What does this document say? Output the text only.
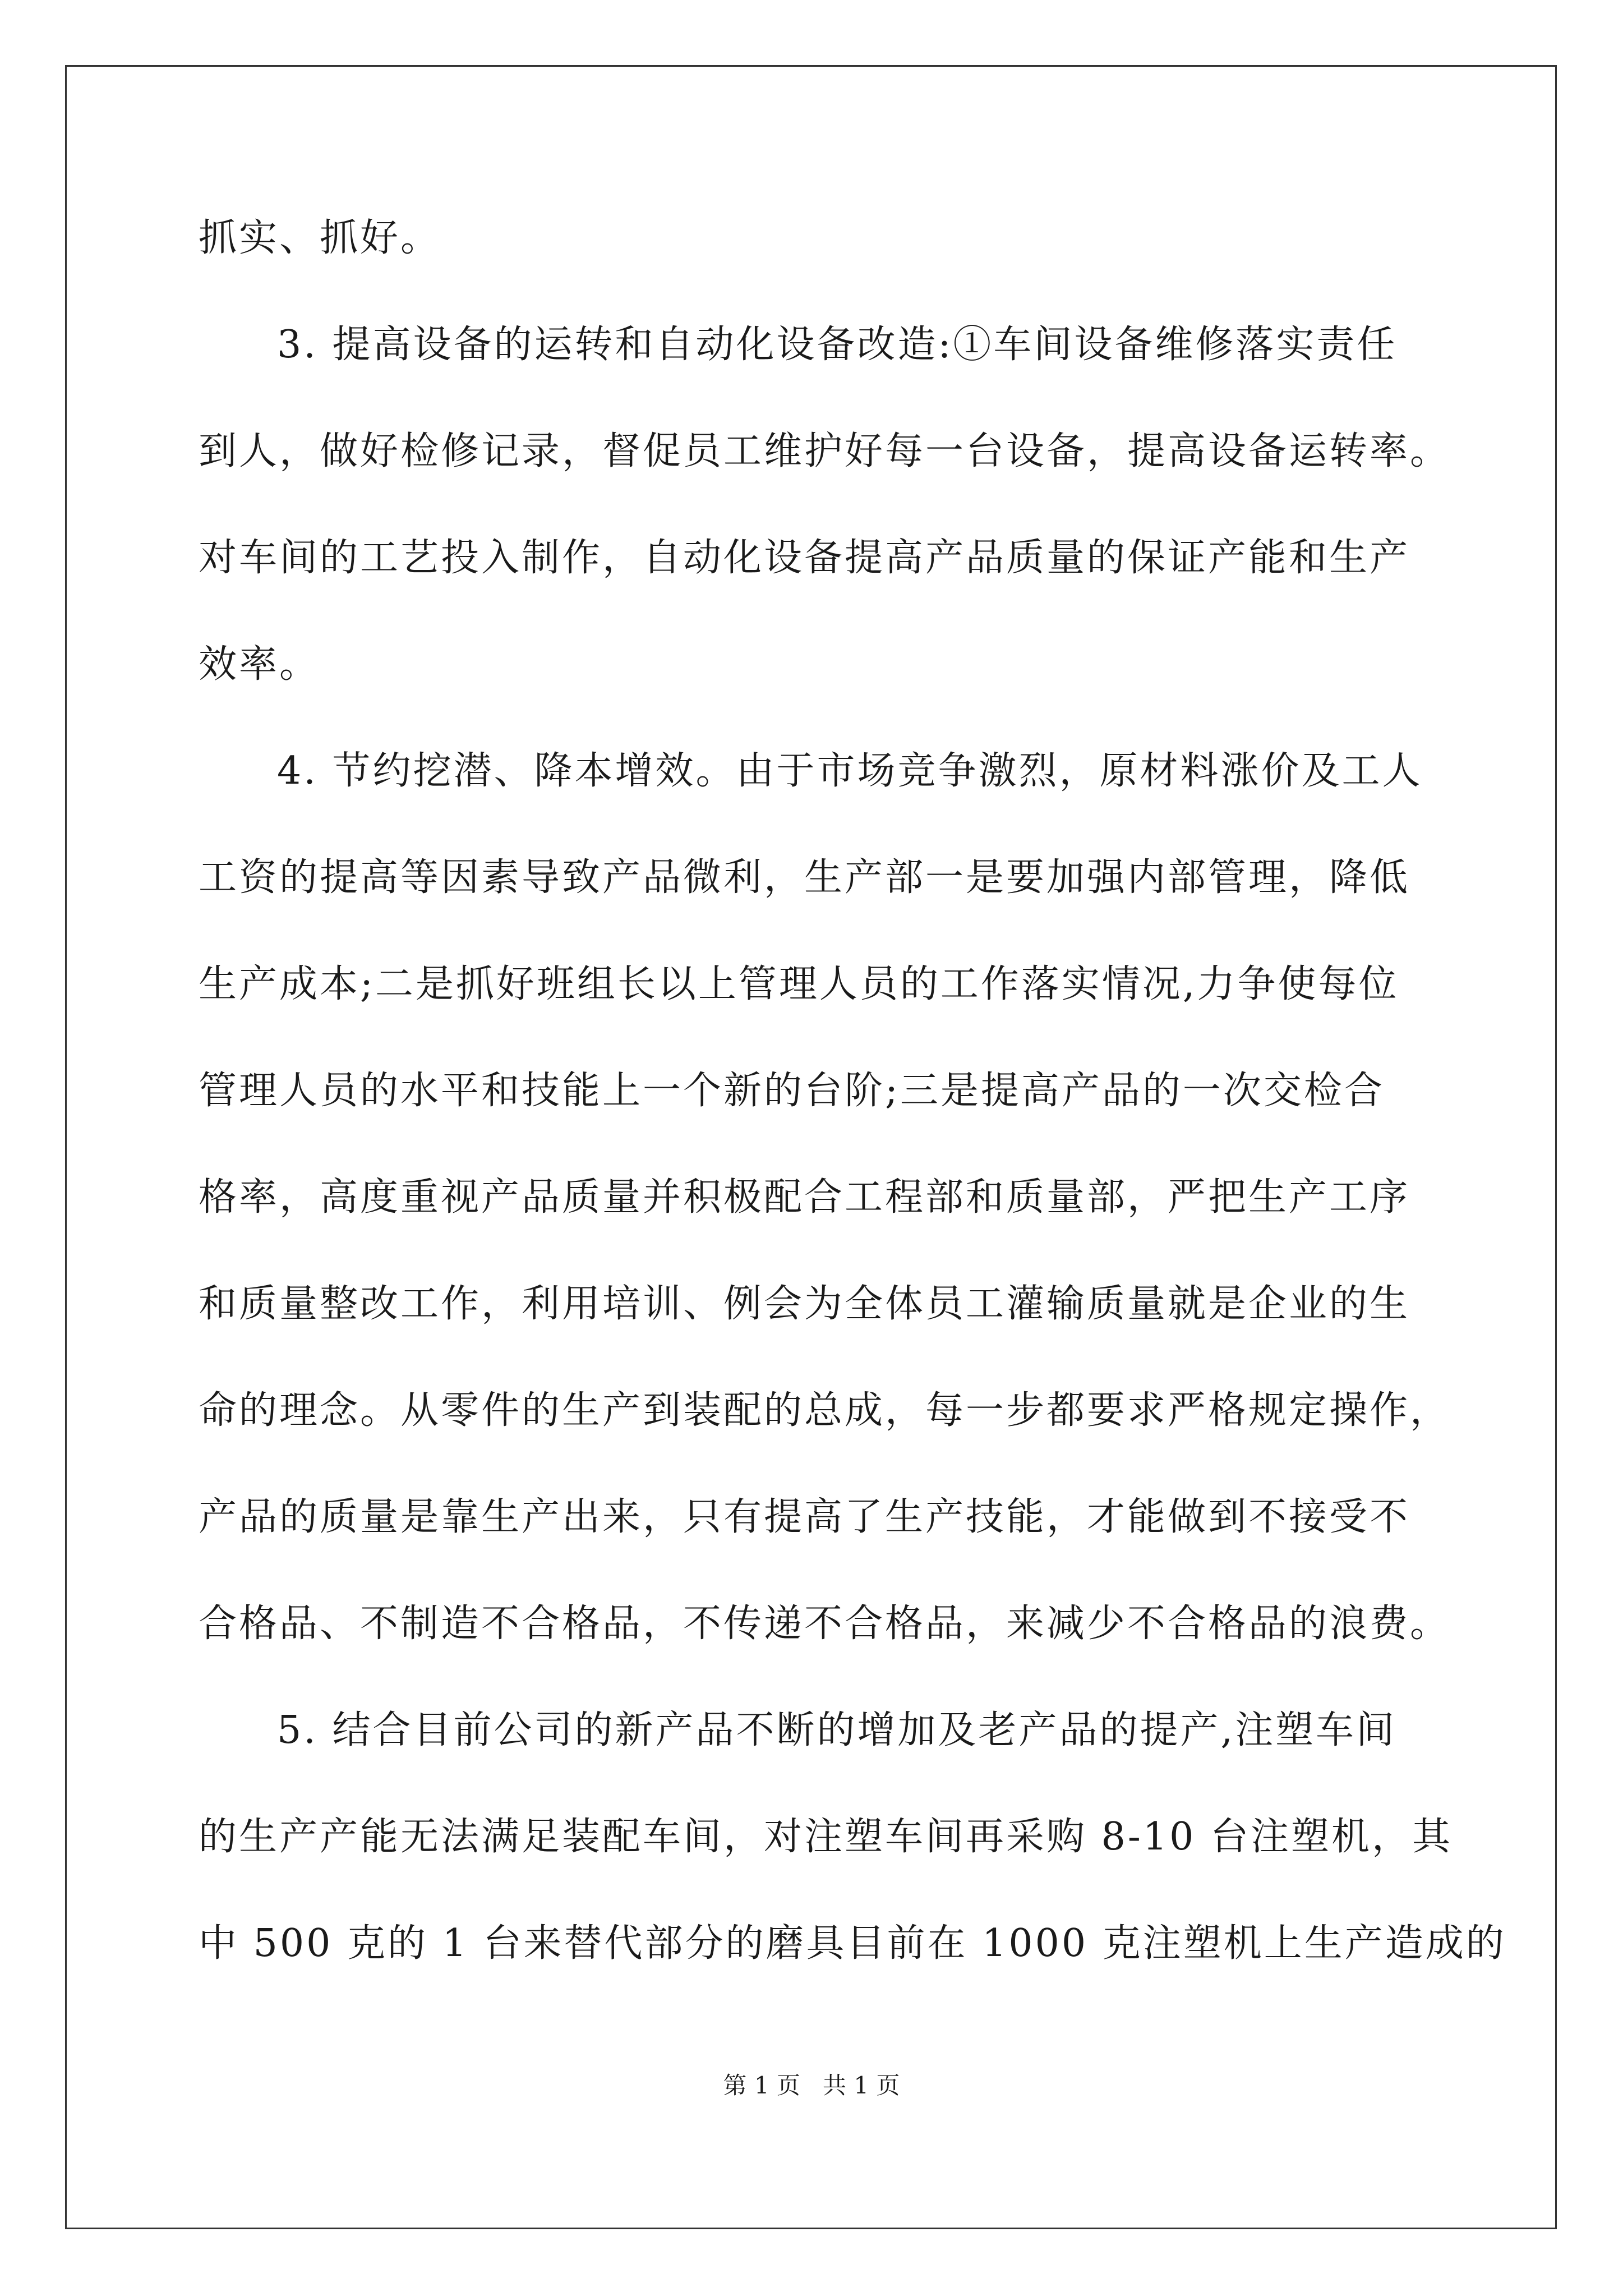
抓实、抓好。
3. 提高设备的运转和自动化设备改造:①车间设备维修落实责任
到人，做好检修记录，督促员工维护好每一台设备，提高设备运转率。
对车间的工艺投入制作，自动化设备提高产品质量的保证产能和生产
效率。
4. 节约挖潜、降本增效。由于市场竞争激烈，原材料涨价及工人
工资的提高等因素导致产品微利，生产部一是要加强内部管理，降低
生产成本;二是抓好班组长以上管理人员的工作落实情况,力争使每位
管理人员的水平和技能上一个新的台阶;三是提高产品的一次交检合
格率，高度重视产品质量并积极配合工程部和质量部，严把生产工序
和质量整改工作，利用培训、例会为全体员工灌输质量就是企业的生
命的理念。从零件的生产到装配的总成，每一步都要求严格规定操作，
产品的质量是靠生产出来，只有提高了生产技能，才能做到不接受不
合格品、不制造不合格品，不传递不合格品，来减少不合格品的浪费。
5. 结合目前公司的新产品不断的增加及老产品的提产,注塑车间
的生产产能无法满足装配车间，对注塑车间再采购 8-10 台注塑机，其
中 500 克的 1 台来替代部分的磨具目前在 1000 克注塑机上生产造成的
第 1 页   共 1 页
